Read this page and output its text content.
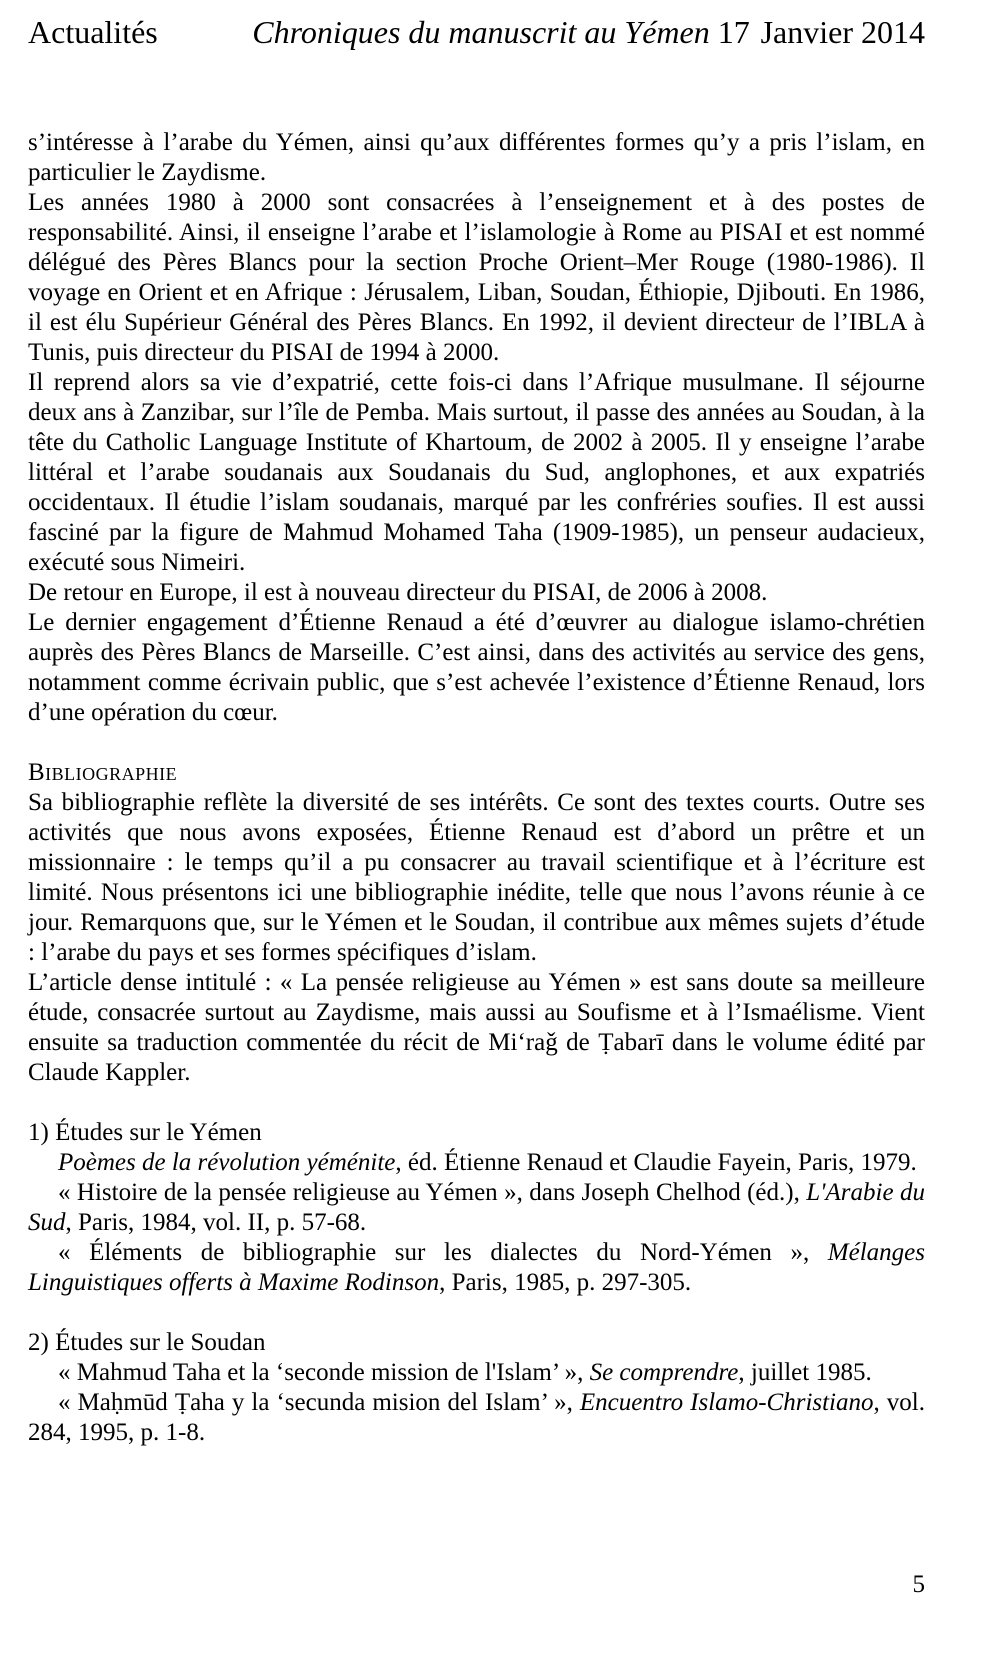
Actualités	Chroniques du manuscrit au Yémen 17 Janvier 2014

s’intéresse à l’arabe du Yémen, ainsi qu’aux différentes formes qu’y a pris l’islam, en particulier le Zaydisme.

Les années 1980 à 2000 sont consacrées à l’enseignement et à des postes de responsabilité. Ainsi, il enseigne l’arabe et l’islamologie à Rome au PISAI et est nommé délégué des Pères Blancs pour la section Proche Orient–Mer Rouge (1980-1986). Il voyage en Orient et en Afrique : Jérusalem, Liban, Soudan, Éthiopie, Djibouti. En 1986, il est élu Supérieur Général des Pères Blancs. En 1992, il devient directeur de l’IBLA à Tunis, puis directeur du PISAI de 1994 à 2000.

Il reprend alors sa vie d’expatrié, cette fois-ci dans l’Afrique musulmane. Il séjourne deux ans à Zanzibar, sur l’île de Pemba. Mais surtout, il passe des années au Soudan, à la tête du Catholic Language Institute of Khartoum, de 2002 à 2005. Il y enseigne l’arabe littéral et l’arabe soudanais aux Soudanais du Sud, anglophones, et aux expatriés occidentaux. Il étudie l’islam soudanais, marqué par les confréries soufies. Il est aussi fasciné par la figure de Mahmud Mohamed Taha (1909-1985), un penseur audacieux, exécuté sous Nimeiri.

De retour en Europe, il est à nouveau directeur du PISAI, de 2006 à 2008.

Le dernier engagement d’Étienne Renaud a été d’œuvrer au dialogue islamo-chrétien auprès des Pères Blancs de Marseille. C’est ainsi, dans des activités au service des gens, notamment comme écrivain public, que s’est achevée l’existence d’Étienne Renaud, lors d’une opération du cœur.

Bibliographie

Sa bibliographie reflète la diversité de ses intérêts. Ce sont des textes courts. Outre ses activités que nous avons exposées, Étienne Renaud est d’abord un prêtre et un missionnaire : le temps qu’il a pu consacrer au travail scientifique et à l’écriture est limité. Nous présentons ici une bibliographie inédite, telle que nous l’avons réunie à ce jour. Remarquons que, sur le Yémen et le Soudan, il contribue aux mêmes sujets d’étude : l’arabe du pays et ses formes spécifiques d’islam.

L’article dense intitulé : « La pensée religieuse au Yémen » est sans doute sa meilleure étude, consacrée surtout au Zaydisme, mais aussi au Soufisme et à l’Ismaélisme. Vient ensuite sa traduction commentée du récit de Mi‘raǧ de Ṭabarī dans le volume édité par Claude Kappler.

1) Études sur le Yémen

Poèmes de la révolution yéménite, éd. Étienne Renaud et Claudie Fayein, Paris, 1979.

« Histoire de la pensée religieuse au Yémen », dans Joseph Chelhod (éd.), L'Arabie du Sud, Paris, 1984, vol. II, p. 57-68.

« Éléments de bibliographie sur les dialectes du Nord-Yémen », Mélanges Linguistiques offerts à Maxime Rodinson, Paris, 1985, p. 297-305.

2) Études sur le Soudan

« Mahmud Taha et la ‘seconde mission de l'Islam’ », Se comprendre, juillet 1985.

« Maḥmūd Ṭaha y la ‘secunda mision del Islam’ », Encuentro Islamo-Christiano, vol. 284, 1995, p. 1-8.

5
